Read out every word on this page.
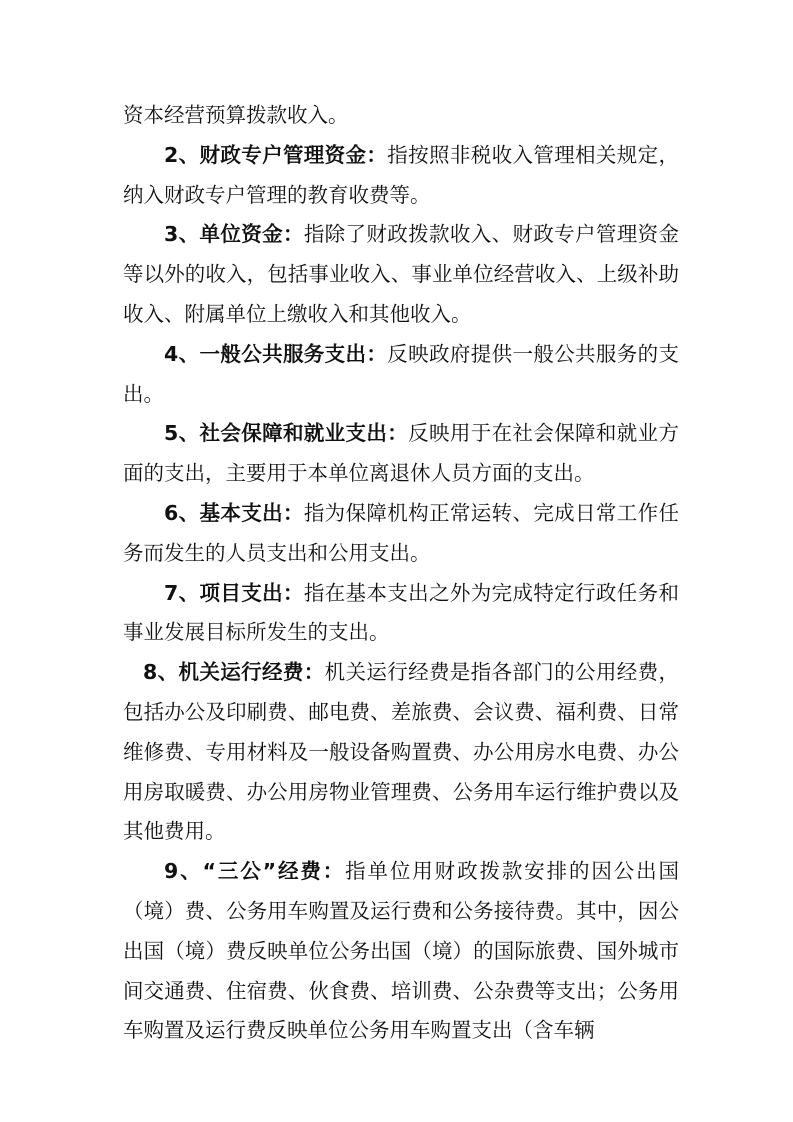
资本经营预算拨款收入。

2、财政专户管理资金：指按照非税收入管理相关规定，纳入财政专户管理的教育收费等。

3、单位资金：指除了财政拨款收入、财政专户管理资金等以外的收入，包括事业收入、事业单位经营收入、上级补助收入、附属单位上缴收入和其他收入。

4、一般公共服务支出：反映政府提供一般公共服务的支出。

5、社会保障和就业支出：反映用于在社会保障和就业方面的支出，主要用于本单位离退休人员方面的支出。

6、基本支出：指为保障机构正常运转、完成日常工作任务而发生的人员支出和公用支出。

7、项目支出：指在基本支出之外为完成特定行政任务和事业发展目标所发生的支出。

8、机关运行经费：机关运行经费是指各部门的公用经费，包括办公及印刷费、邮电费、差旅费、会议费、福利费、日常维修费、专用材料及一般设备购置费、办公用房水电费、办公用房取暖费、办公用房物业管理费、公务用车运行维护费以及其他费用。

9、“三公”经费：指单位用财政拨款安排的因公出国（境）费、公务用车购置及运行费和公务接待费。其中，因公出国（境）费反映单位公务出国（境）的国际旅费、国外城市间交通费、住宿费、伙食费、培训费、公杂费等支出；公务用车购置及运行费反映单位公务用车购置支出（含车辆
